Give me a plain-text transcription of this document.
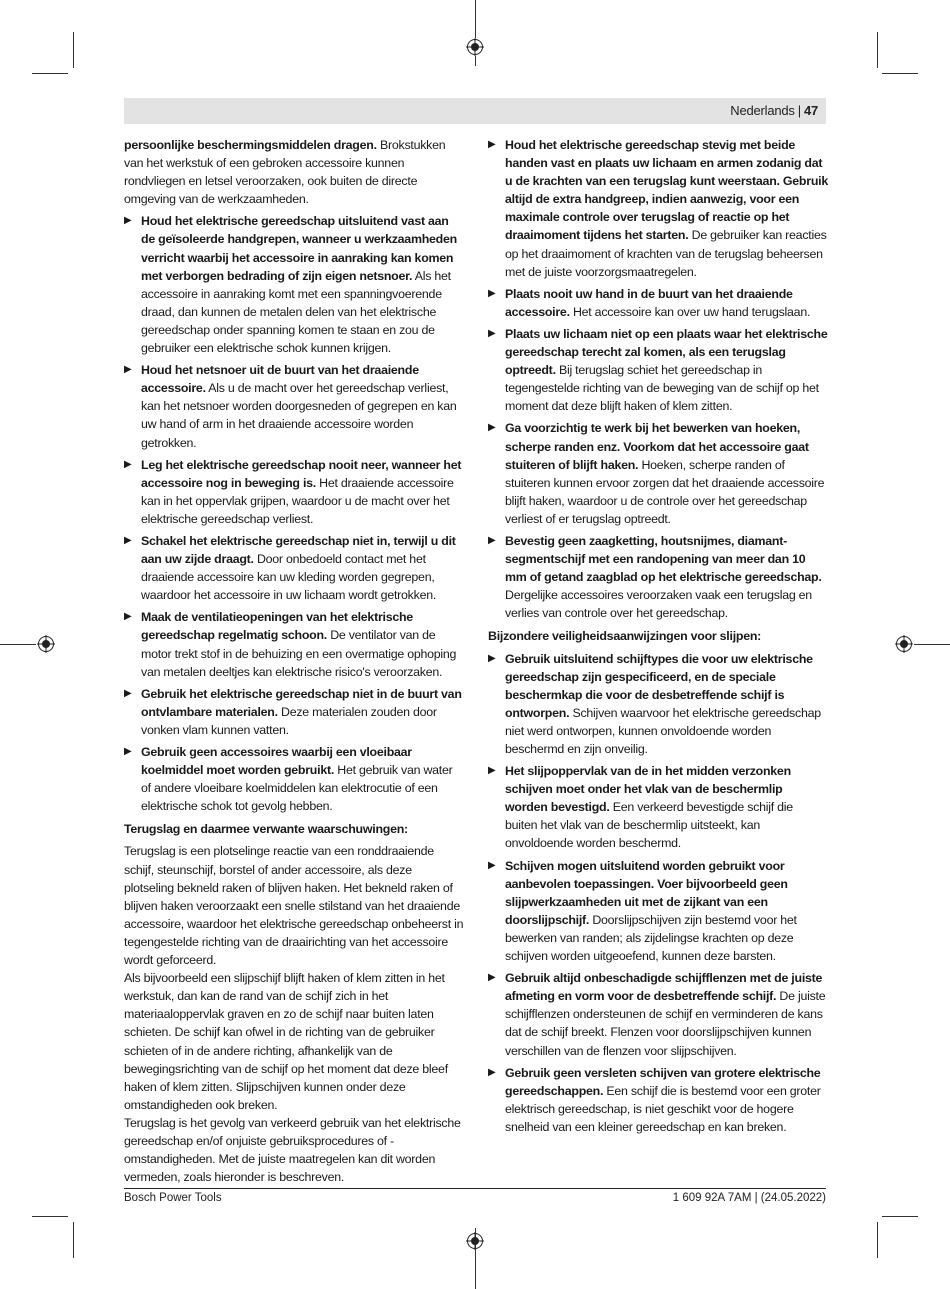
Nederlands | 47

persoonlijke beschermingsmiddelen dragen. Brokstukken van het werkstuk of een gebroken accessoire kunnen rondvliegen en letsel veroorzaken, ook buiten de directe omgeving van de werkzaamheden.

▶ Houd het elektrische gereedschap uitsluitend vast aan de geïsoleerde handgrepen, wanneer u werkzaamheden verricht waarbij het accessoire in aanraking kan komen met verborgen bedrading of zijn eigen netsnoer. Als het accessoire in aanraking komt met een spanningvoerende draad, dan kunnen de metalen delen van het elektrische gereedschap onder spanning komen te staan en zou de gebruiker een elektrische schok kunnen krijgen.

▶ Houd het netsnoer uit de buurt van het draaiende accessoire. Als u de macht over het gereedschap verliest, kan het netsnoer worden doorgesneden of gegrepen en kan uw hand of arm in het draaiende accessoire worden getrokken.

▶ Leg het elektrische gereedschap nooit neer, wanneer het accessoire nog in beweging is. Het draaiende accessoire kan in het oppervlak grijpen, waardoor u de macht over het elektrische gereedschap verliest.

▶ Schakel het elektrische gereedschap niet in, terwijl u dit aan uw zijde draagt. Door onbedoeld contact met het draaiende accessoire kan uw kleding worden gegrepen, waardoor het accessoire in uw lichaam wordt getrokken.

▶ Maak de ventilatieopeningen van het elektrische gereedschap regelmatig schoon. De ventilator van de motor trekt stof in de behuizing en een overmatige ophoping van metalen deeltjes kan elektrische risico's veroorzaken.

▶ Gebruik het elektrische gereedschap niet in de buurt van ontvlambare materialen. Deze materialen zouden door vonken vlam kunnen vatten.

▶ Gebruik geen accessoires waarbij een vloeibaar koelmiddel moet worden gebruikt. Het gebruik van water of andere vloeibare koelmiddelen kan elektrocutie of een elektrische schok tot gevolg hebben.

Terugslag en daarmee verwante waarschuwingen:

Terugslag is een plotselinge reactie van een ronddraaiende schijf, steunschijf, borstel of ander accessoire, als deze plotseling bekneld raken of blijven haken. Het bekneld raken of blijven haken veroorzaakt een snelle stilstand van het draaiende accessoire, waardoor het elektrische gereedschap onbeheerst in tegengestelde richting van de draairichting van het accessoire wordt geforceerd.

Als bijvoorbeeld een slijpschijf blijft haken of klem zitten in het werkstuk, dan kan de rand van de schijf zich in het materiaaloppervlak graven en zo de schijf naar buiten laten schieten. De schijf kan ofwel in de richting van de gebruiker schieten of in de andere richting, afhankelijk van de bewegingsrichting van de schijf op het moment dat deze bleef haken of klem zitten. Slijpschijven kunnen onder deze omstandigheden ook breken.

Terugslag is het gevolg van verkeerd gebruik van het elektrische gereedschap en/of onjuiste gebruiksprocedures of -omstandigheden. Met de juiste maatregelen kan dit worden vermeden, zoals hieronder is beschreven.

▶ Houd het elektrische gereedschap stevig met beide handen vast en plaats uw lichaam en armen zodanig dat u de krachten van een terugslag kunt weerstaan. Gebruik altijd de extra handgreep, indien aanwezig, voor een maximale controle over terugslag of reactie op het draaimoment tijdens het starten. De gebruiker kan reacties op het draaimoment of krachten van de terugslag beheersen met de juiste voorzorgsmaatregelen.

▶ Plaats nooit uw hand in de buurt van het draaiende accessoire. Het accessoire kan over uw hand terugslaan.

▶ Plaats uw lichaam niet op een plaats waar het elektrische gereedschap terecht zal komen, als een terugslag optreedt. Bij terugslag schiet het gereedschap in tegengestelde richting van de beweging van de schijf op het moment dat deze blijft haken of klem zitten.

▶ Ga voorzichtig te werk bij het bewerken van hoeken, scherpe randen enz. Voorkom dat het accessoire gaat stuiteren of blijft haken. Hoeken, scherpe randen of stuiteren kunnen ervoor zorgen dat het draaiende accessoire blijft haken, waardoor u de controle over het gereedschap verliest of er terugslag optreedt.

▶ Bevestig geen zaagketting, houtsnijmes, diamant-segmentschijf met een randopening van meer dan 10 mm of getand zaagblad op het elektrische gereedschap. Dergelijke accessoires veroorzaken vaak een terugslag en verlies van controle over het gereedschap.

Bijzondere veiligheidsaanwijzingen voor slijpen:

▶ Gebruik uitsluitend schijftypes die voor uw elektrische gereedschap zijn gespecificeerd, en de speciale beschermkap die voor de desbetreffende schijf is ontworpen. Schijven waarvoor het elektrische gereedschap niet werd ontworpen, kunnen onvoldoende worden beschermd en zijn onveilig.

▶ Het slijpoppervlak van de in het midden verzonken schijven moet onder het vlak van de beschermlip worden bevestigd. Een verkeerd bevestigde schijf die buiten het vlak van de beschermlip uitsteekt, kan onvoldoende worden beschermd.

▶ Schijven mogen uitsluitend worden gebruikt voor aanbevolen toepassingen. Voer bijvoorbeeld geen slijpwerkzaamheden uit met de zijkant van een doorslijpschijf. Doorslijpschijven zijn bestemd voor het bewerken van randen; als zijdelingse krachten op deze schijven worden uitgeoefend, kunnen deze barsten.

▶ Gebruik altijd onbeschadigde schijfflenzen met de juiste afmeting en vorm voor de desbetreffende schijf. De juiste schijfflenzen ondersteunen de schijf en verminderen de kans dat de schijf breekt. Flenzen voor doorslijpschijven kunnen verschillen van de flenzen voor slijpschijven.

▶ Gebruik geen versleten schijven van grotere elektrische gereedschappen. Een schijf die is bestemd voor een groter elektrisch gereedschap, is niet geschikt voor de hogere snelheid van een kleiner gereedschap en kan breken.

Bosch Power Tools	1 609 92A 7AM | (24.05.2022)
